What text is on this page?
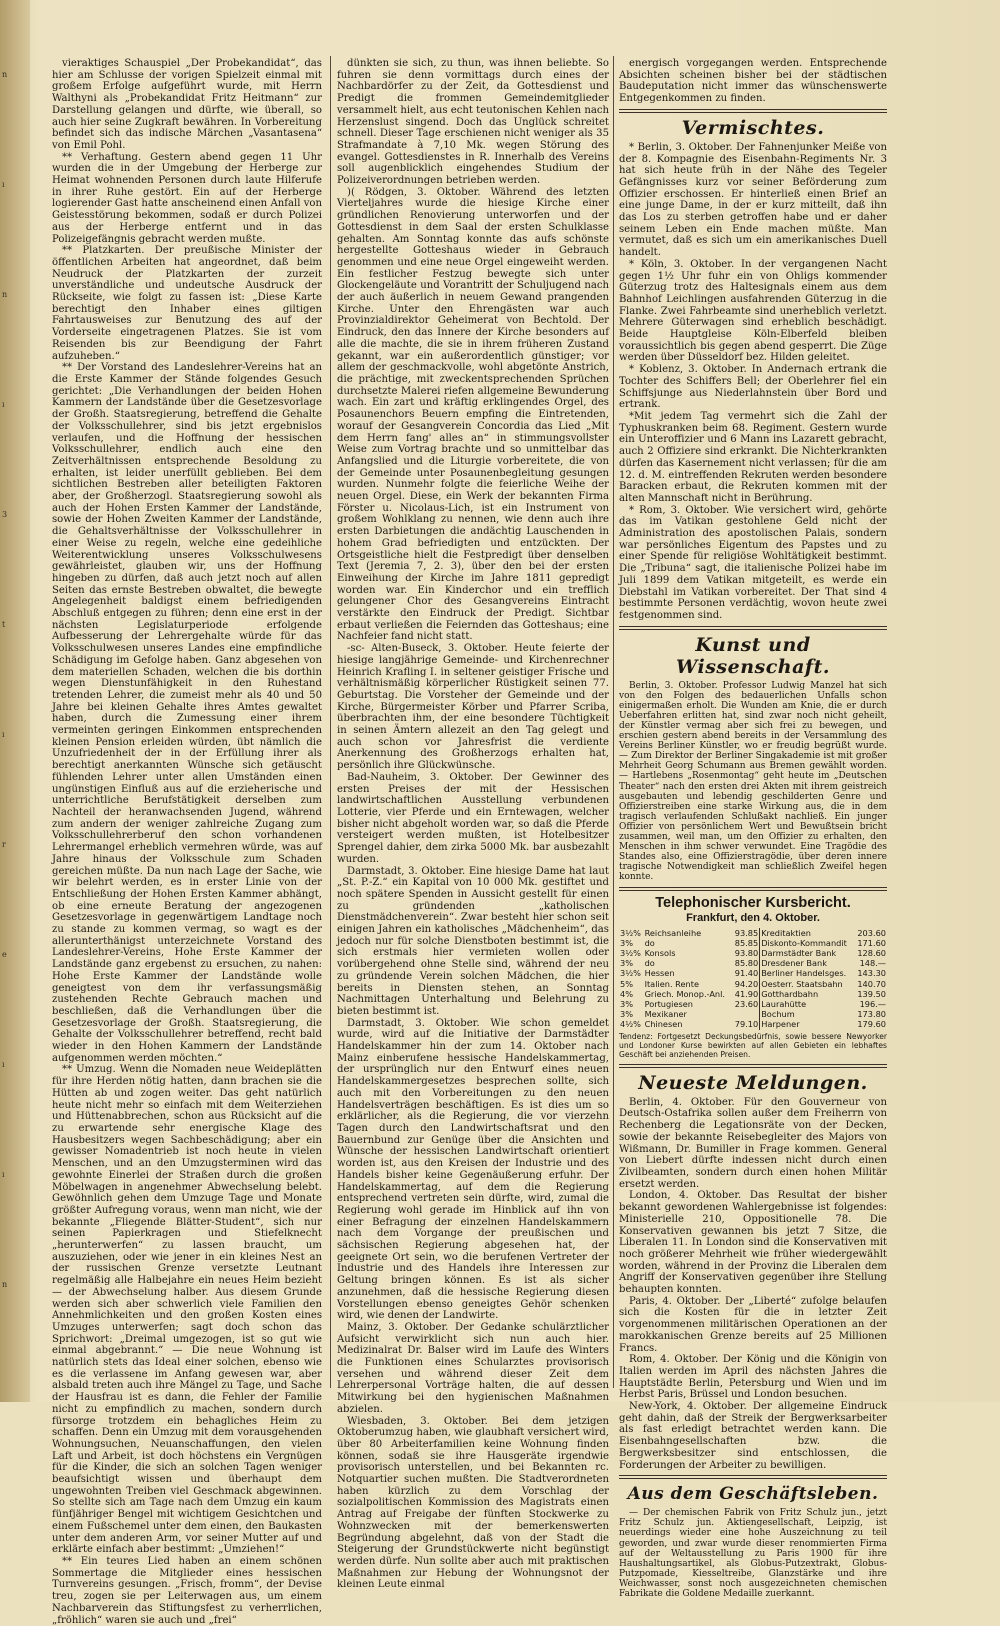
n
ı
n
ı
3
t
ı
r
e
ı
ı
n

vieraktiges Schauspiel „Der Probekandidat“, das hier am Schlusse der vorigen Spielzeit einmal mit großem Erfolge aufgeführt wurde, mit Herrn Walthyni als „Probekandidat Fritz Heitmann“ zur Darstellung gelangen und dürfte, wie überall, so auch hier seine Zugkraft bewähren. In Vorbereitung befindet sich das indische Märchen „Vasantasena“ von Emil Pohl.

** Verhaftung. Gestern abend gegen 11 Uhr wurden die in der Umgebung der Herberge zur Heimat wohnenden Personen durch laute Hilferufe in ihrer Ruhe gestört. Ein auf der Herberge logierender Gast hatte anscheinend einen Anfall von Geistesstörung bekommen, sodaß er durch Polizei aus der Herberge entfernt und in das Polizeigefängnis gebracht werden mußte.

** Platzkarten. Der preußische Minister der öffentlichen Arbeiten hat angeordnet, daß beim Neudruck der Platzkarten der zurzeit unverständliche und undeutsche Ausdruck der Rückseite, wie folgt zu fassen ist: „Diese Karte berechtigt den Inhaber eines giltigen Fahrtausweises zur Benutzung des auf der Vorderseite eingetragenen Platzes. Sie ist vom Reisenden bis zur Beendigung der Fahrt aufzuheben.“

** Der Vorstand des Landeslehrer-Vereins hat an die Erste Kammer der Stände folgendes Gesuch gerichtet: „Die Verhandlungen der beiden Hohen Kammern der Landstände über die Gesetzesvorlage der Großh. Staatsregierung, betreffend die Gehalte der Volksschullehrer, sind bis jetzt ergebnislos verlaufen, und die Hoffnung der hessischen Volksschullehrer, endlich auch eine den Zeitverhältnissen entsprechende Besoldung zu erhalten, ist leider unerfüllt geblieben. Bei dem sichtlichen Bestreben aller beteiligten Faktoren aber, der Großherzogl. Staatsregierung sowohl als auch der Hohen Ersten Kammer der Landstände, sowie der Hohen Zweiten Kammer der Landstände, die Gehaltsverhältnisse der Volksschullehrer in einer Weise zu regeln, welche eine gedeihliche Weiterentwicklung unseres Volksschulwesens gewährleistet, glauben wir, uns der Hoffnung hingeben zu dürfen, daß auch jetzt noch auf allen Seiten das ernste Bestreben obwaltet, die bewegte Angelegenheit baldigst einem befriedigenden Abschluß entgegen zu führen; denn eine erst in der nächsten Legislaturperiode erfolgende Aufbesserung der Lehrergehalte würde für das Volksschulwesen unseres Landes eine empfindliche Schädigung im Gefolge haben. Ganz abgesehen von dem materiellen Schaden, welchen die bis dorthin wegen Dienstunfähigkeit in den Ruhestand tretenden Lehrer, die zumeist mehr als 40 und 50 Jahre bei kleinen Gehalte ihres Amtes gewaltet haben, durch die Zumessung einer ihrem vermeinten geringen Einkommen entsprechenden kleinen Pension erleiden würden, übt nämlich die Unzufriedenheit der in der Erfüllung ihrer als berechtigt anerkannten Wünsche sich getäuscht fühlenden Lehrer unter allen Umständen einen ungünstigen Einfluß aus auf die erzieherische und unterrichtliche Berufstätigkeit derselben zum Nachteil der heranwachsenden Jugend, während zum andern der weniger zahlreiche Zugang zum Volksschullehrerberuf den schon vorhandenen Lehrermangel erheblich vermehren würde, was auf Jahre hinaus der Volksschule zum Schaden gereichen müßte. Da nun nach Lage der Sache, wie wir belehrt werden, es in erster Linie von der Entschließung der Hohen Ersten Kammer abhängt, ob eine erneute Beratung der angezogenen Gesetzesvorlage in gegenwärtigem Landtage noch zu stande zu kommen vermag, so wagt es der allerunterthänigst unterzeichnete Vorstand des Landeslehrer-Vereins, Hohe Erste Kammer der Landstände ganz ergebenst zu ersuchen, zu nahen: Hohe Erste Kammer der Landstände wolle geneigtest von dem ihr verfassungsmäßig zustehenden Rechte Gebrauch machen und beschließen, daß die Verhandlungen über die Gesetzesvorlage der Großh. Staatsregierung, die Gehalte der Volksschullehrer betreffend, recht bald wieder in den Hohen Kammern der Landstände aufgenommen werden möchten.“

** Umzug. Wenn die Nomaden neue Weideplätten für ihre Herden nötig hatten, dann brachen sie die Hütten ab und zogen weiter. Das geht natürlich heute nicht mehr so einfach mit dem Weiterziehen und Hüttenabbrechen, schon aus Rücksicht auf die zu erwartende sehr energische Klage des Hausbesitzers wegen Sachbeschädigung; aber ein gewisser Nomadentrieb ist noch heute in vielen Menschen, und an den Umzugsterminen wird das gewohnte Einerlei der Straßen durch die großen Möbelwagen in angenehmer Abwechselung belebt. Gewöhnlich gehen dem Umzuge Tage und Monate größter Aufregung voraus, wenn man nicht, wie der bekannte „Fliegende Blätter-Student“, sich nur seinen Papierkragen und Stiefelknecht „herunterwerfen“ zu lassen braucht, um auszuziehen, oder wie jener in ein kleines Nest an der russischen Grenze versetzte Leutnant regelmäßig alle Halbejahre ein neues Heim bezieht — der Abwechselung halber. Aus diesem Grunde werden sich aber schwerlich viele Familien den Annehmlichkeiten und den großen Kosten eines Umzuges unterwerfen; sagt doch schon das Sprichwort: „Dreimal umgezogen, ist so gut wie einmal abgebrannt.“ — Die neue Wohnung ist natürlich stets das Ideal einer solchen, ebenso wie es die verlassene im Anfang gewesen war, aber alsbald treten auch ihre Mängel zu Tage, und Sache der Hausfrau ist es dann, die Fehler der Familie nicht zu empfindlich zu machen, sondern durch fürsorge trotzdem ein behagliches Heim zu schaffen. Denn ein Umzug mit dem vorausgehenden Wohnungsuchen, Neuanschaffungen, den vielen Laft und Arbeit, ist doch höchstens ein Vergnügen für die Kinder, die sich an solchen Tagen weniger beaufsichtigt wissen und überhaupt dem ungewohnten Treiben viel Geschmack abgewinnen. So stellte sich am Tage nach dem Umzug ein kaum fünfjähriger Bengel mit wichtigem Gesichtchen und einem Fußschemel unter dem einen, den Baukasten unter dem anderen Arm, vor seiner Mutter auf und erklärte einfach aber bestimmt: „Umziehen!“

** Ein teures Lied haben an einem schönen Sommertage die Mitglieder eines hessischen Turnvereins gesungen. „Frisch, fromm“, der Devise treu, zogen sie per Leiterwagen aus, um einem Nachbarverein das Stiftungsfest zu verherrlichen, „fröhlich“ waren sie auch und „frei“

dünkten sie sich, zu thun, was ihnen beliebte. So fuhren sie denn vormittags durch eines der Nachbardörfer zu der Zeit, da Gottesdienst und Predigt die frommen Gemeindemitglieder versammelt hielt, aus echt teutonischen Kehlen nach Herzenslust singend. Doch das Unglück schreitet schnell. Dieser Tage erschienen nicht weniger als 35 Strafmandate à 7,10 Mk. wegen Störung des evangel. Gottesdienstes in R. Innerhalb des Vereins soll augenblicklich eingehendes Studium der Polizeiverordnungen betrieben werden.

)( Rödgen, 3. Oktober. Während des letzten Vierteljahres wurde die hiesige Kirche einer gründlichen Renovierung unterworfen und der Gottesdienst in dem Saal der ersten Schulklasse gehalten. Am Sonntag konnte das aufs schönste hergestellte Gotteshaus wieder in Gebrauch genommen und eine neue Orgel eingeweiht werden. Ein festlicher Festzug bewegte sich unter Glockengeläute und Vorantritt der Schuljugend nach der auch äußerlich in neuem Gewand prangenden Kirche. Unter den Ehrengästen war auch Provinzialdirektor Geheimerat von Bechtold. Der Eindruck, den das Innere der Kirche besonders auf alle die machte, die sie in ihrem früheren Zustand gekannt, war ein außerordentlich günstiger; vor allem der geschmackvolle, wohl abgetönte Anstrich, die prächtige, mit zweckentsprechenden Sprüchen durchsetzte Malerei riefen allgemeine Bewunderung wach. Ein zart und kräftig erklingendes Orgel, des Posaunenchors Beuern empfing die Eintretenden, worauf der Gesangverein Concordia das Lied „Mit dem Herrn fang' alles an“ in stimmungsvollster Weise zum Vortrag brachte und so unmittelbar das Anfangslied und die Liturgie vorbereitete, die von der Gemeinde unter Posaunenbegleitung gesungen wurden. Nunmehr folgte die feierliche Weihe der neuen Orgel. Diese, ein Werk der bekannten Firma Förster u. Nicolaus-Lich, ist ein Instrument von großem Wohlklang zu nennen, wie denn auch ihre ersten Darbietungen die andächtig Lauschenden in hohem Grad befriedigten und entzückten. Der Ortsgeistliche hielt die Festpredigt über denselben Text (Jeremia 7, 2. 3), über den bei der ersten Einweihung der Kirche im Jahre 1811 gepredigt worden war. Ein Kinderchor und ein trefflich gelungener Chor des Gesangvereins Eintracht verstärkte den Eindruck der Predigt. Sichtbar erbaut verließen die Feiernden das Gotteshaus; eine Nachfeier fand nicht statt.

-sc- Alten-Buseck, 3. Oktober. Heute feierte der hiesige langjährige Gemeinde- und Kirchenrechner Heinrich Krafling I. in seltener geistiger Frische und verhältnismäßig körperlicher Rüstigkeit seinen 77. Geburtstag. Die Vorsteher der Gemeinde und der Kirche, Bürgermeister Körber und Pfarrer Scriba, überbrachten ihm, der eine besondere Tüchtigkeit in seinen Ämtern allezeit an den Tag gelegt und auch schon vor Jahresfrist die verdiente Anerkennung des Großherzogs erhalten hat, persönlich ihre Glückwünsche.

Bad-Nauheim, 3. Oktober. Der Gewinner des ersten Preises der mit der Hessischen landwirtschaftlichen Ausstellung verbundenen Lotterie, vier Pferde und ein Erntewagen, welcher bisher nicht abgeholt worden war, so daß die Pferde versteigert werden mußten, ist Hotelbesitzer Sprengel dahier, dem zirka 5000 Mk. bar ausbezahlt wurden.

Darmstadt, 3. Oktober. Eine hiesige Dame hat laut „St. P.-Z.“ ein Kapital von 10 000 Mk. gestiftet und noch spätere Spenden in Aussicht gestellt für einen zu gründenden „katholischen Dienstmädchenverein“. Zwar besteht hier schon seit einigen Jahren ein katholisches „Mädchenheim“, das jedoch nur für solche Dienstboten bestimmt ist, die sich erstmals hier vermieten wollen oder vorübergehend ohne Stelle sind, während der neu zu gründende Verein solchen Mädchen, die hier bereits in Diensten stehen, an Sonntag Nachmittagen Unterhaltung und Belehrung zu bieten bestimmt ist.

Darmstadt, 3. Oktober. Wie schon gemeldet wurde, wird auf die Initiative der Darmstädter Handelskammer hin der zum 14. Oktober nach Mainz einberufene hessische Handelskammertag, der ursprünglich nur den Entwurf eines neuen Handelskammergesetzes besprechen sollte, sich auch mit den Vorbereitungen zu den neuen Handelsverträgen beschäftigen. Es ist dies um so erklärlicher, als die Regierung, die vor vierzehn Tagen durch den Landwirtschaftsrat und den Bauernbund zur Genüge über die Ansichten und Wünsche der hessischen Landwirtschaft orientiert worden ist, aus den Kreisen der Industrie und des Handels bisher keine Gegenäußerung erfuhr. Der Handelskammertag, auf dem die Regierung entsprechend vertreten sein dürfte, wird, zumal die Regierung wohl gerade im Hinblick auf ihn von einer Befragung der einzelnen Handelskammern nach dem Vorgange der preußischen und sächsischen Regierung abgesehen hat, der geeignete Ort sein, wo die berufenen Vertreter der Industrie und des Handels ihre Interessen zur Geltung bringen können. Es ist als sicher anzunehmen, daß die hessische Regierung diesen Vorstellungen ebenso geneigtes Gehör schenken wird, wie denen der Landwirte.

Mainz, 3. Oktober. Der Gedanke schulärztlicher Aufsicht verwirklicht sich nun auch hier. Medizinalrat Dr. Balser wird im Laufe des Winters die Funktionen eines Schularztes provisorisch versehen und während dieser Zeit dem Lehrerpersonal Vorträge halten, die auf dessen Mitwirkung bei den hygienischen Maßnahmen abzielen.

Wiesbaden, 3. Oktober. Bei dem jetzigen Oktoberumzug haben, wie glaubhaft versichert wird, über 80 Arbeiterfamilien keine Wohnung finden können, sodaß sie ihre Hausgeräte irgendwie provisorisch unterstellen, und bei Bekannten rc. Notquartier suchen mußten. Die Stadtverordneten haben kürzlich zu dem Vorschlag der sozialpolitischen Kommission des Magistrats einen Antrag auf Freigabe der fünften Stockwerke zu Wohnzwecken mit der bemerkenswerten Begründung abgelehnt, daß von der Stadt die Steigerung der Grundstückwerte nicht begünstigt werden dürfe. Nun sollte aber auch mit praktischen Maßnahmen zur Hebung der Wohnungsnot der kleinen Leute einmal

energisch vorgegangen werden. Entsprechende Absichten scheinen bisher bei der städtischen Baudeputation nicht immer das wünschenswerte Entgegenkommen zu finden.

Vermischtes.

* Berlin, 3. Oktober. Der Fahnenjunker Meiße von der 8. Kompagnie des Eisenbahn-Regiments Nr. 3 hat sich heute früh in der Nähe des Tegeler Gefängnisses kurz vor seiner Beförderung zum Offizier erschossen. Er hinterließ einen Brief an eine junge Dame, in der er kurz mitteilt, daß ihn das Los zu sterben getroffen habe und er daher seinem Leben ein Ende machen müßte. Man vermutet, daß es sich um ein amerikanisches Duell handelt.

* Köln, 3. Oktober. In der vergangenen Nacht gegen 1½ Uhr fuhr ein von Ohligs kommender Güterzug trotz des Haltesignals einem aus dem Bahnhof Leichlingen ausfahrenden Güterzug in die Flanke. Zwei Fahrbeamte sind unerheblich verletzt. Mehrere Güterwagen sind erheblich beschädigt. Beide Hauptgleise Köln-Elberfeld bleiben voraussichtlich bis gegen abend gesperrt. Die Züge werden über Düsseldorf bez. Hilden geleitet.

* Koblenz, 3. Oktober. In Andernach ertrank die Tochter des Schiffers Bell; der Oberlehrer fiel ein Schiffsjunge aus Niederlahnstein über Bord und ertrank.

*Mit jedem Tag vermehrt sich die Zahl der Typhuskranken beim 68. Regiment. Gestern wurde ein Unteroffizier und 6 Mann ins Lazarett gebracht, auch 2 Offiziere sind erkrankt. Die Nichterkrankten dürfen das Kasernement nicht verlassen; für die am 12. d. M. eintreffenden Rekruten werden besondere Baracken erbaut, die Rekruten kommen mit der alten Mannschaft nicht in Berührung.

* Rom, 3. Oktober. Wie versichert wird, gehörte das im Vatikan gestohlene Geld nicht der Administration des apostolischen Palais, sondern war persönliches Eigentum des Papstes und zu einer Spende für religiöse Wohltätigkeit bestimmt. Die „Tribuna“ sagt, die italienische Polizei habe im Juli 1899 dem Vatikan mitgeteilt, es werde ein Diebstahl im Vatikan vorbereitet. Der That sind 4 bestimmte Personen verdächtig, wovon heute zwei festgenommen sind.

Kunst und Wissenschaft.

Berlin, 3. Oktober. Professor Ludwig Manzel hat sich von den Folgen des bedauerlichen Unfalls schon einigermaßen erholt. Die Wunden am Knie, die er durch Ueberfahren erlitten hat, sind zwar noch nicht geheilt, der Künstler vermag aber sich frei zu bewegen, und erschien gestern abend bereits in der Versammlung des Vereins Berliner Künstler, wo er freudig begrüßt wurde. — Zum Direktor der Berliner Singakademie ist mit großer Mehrheit Georg Schumann aus Bremen gewählt worden. — Hartlebens „Rosenmontag“ geht heute im „Deutschen Theater“ nach den ersten drei Akten mit ihrem geistreich ausgebauten und lebendig geschilderten Genre und Offizierstreiben eine starke Wirkung aus, die in dem tragisch verlaufenden Schlußakt nachließ. Ein junger Offizier von persönlichem Wert und Bewußtsein bricht zusammen, weil man, um den Offizier zu erhalten, den Menschen in ihm schwer verwundet. Eine Tragödie des Standes also, eine Offizierstragödie, über deren innere tragische Notwendigkeit man schließlich Zweifel hegen konnte.

Telephonischer Kursbericht.
Frankfurt, den 4. Oktober.
3½%	Reichsanleihe	93.85	Kreditaktien	203.60
3%	do	85.85	Diskonto-Kommandit	171.60
3½%	Konsols	93.80	Darmstädter Bank	128.60
3%	do	85.80	Dresdener Bank	148.—
3½%	Hessen	91.40	Berliner Handelsges.	143.30
5%	Italien. Rente	94.20	Oesterr. Staatsbahn	140.70
4%	Griech. Monop.-Anl.	41.90	Gotthardbahn	139.50
3%	Portugiesen	23.60	Laurahütte	196.—
3%	Mexikaner		Bochum	173.80
4½%	Chinesen	79.10	Harpener	179.60
Tendenz: Fortgesetzt Deckungsbedürfnis, sowie bessere Newyorker und Londoner Kurse bewirkten auf allen Gebieten ein lebhaftes Geschäft bei anziehenden Preisen.
Neueste Meldungen.

Berlin, 4. Oktober. Für den Gouverneur von Deutsch-Ostafrika sollen außer dem Freiherrn von Rechenberg die Legationsräte von der Decken, sowie der bekannte Reisebegleiter des Majors von Wißmann, Dr. Bumiller in Frage kommen. General von Liebert dürfte indessen nicht durch einen Zivilbeamten, sondern durch einen hohen Militär ersetzt werden.

London, 4. Oktober. Das Resultat der bisher bekannt gewordenen Wahlergebnisse ist folgendes: Ministerielle 210, Oppositionelle 78. Die Konservativen gewannen bis jetzt 7 Sitze, die Liberalen 11. In London sind die Konservativen mit noch größerer Mehrheit wie früher wiedergewählt worden, während in der Provinz die Liberalen dem Angriff der Konservativen gegenüber ihre Stellung behaupten konnten.

Paris, 4. Oktober. Der „Liberté“ zufolge belaufen sich die Kosten für die in letzter Zeit vorgenommenen militärischen Operationen an der marokkanischen Grenze bereits auf 25 Millionen Francs.

Rom, 4. Oktober. Der König und die Königin von Italien werden im April des nächsten Jahres die Hauptstädte Berlin, Petersburg und Wien und im Herbst Paris, Brüssel und London besuchen.

New-York, 4. Oktober. Der allgemeine Eindruck geht dahin, daß der Streik der Bergwerksarbeiter als fast erledigt betrachtet werden kann. Die Eisenbahngesellschaften bzw. die Bergwerksbesitzer sind entschlossen, die Forderungen der Arbeiter zu bewilligen.

Aus dem Geschäftsleben.

— Der chemischen Fabrik von Fritz Schulz jun., jetzt Fritz Schulz jun. Aktiengesellschaft, Leipzig, ist neuerdings wieder eine hohe Auszeichnung zu teil geworden, und zwar wurde dieser renommierten Firma auf der Weltausstellung zu Paris 1900 für ihre Haushaltungsartikel, als Globus-Putzextrakt, Globus-Putzpomade, Kiesseltreibe, Glanzstärke und ihre Weichwasser, sonst noch ausgezeichneten chemischen Fabrikate die Goldene Medaille zuerkannt.
